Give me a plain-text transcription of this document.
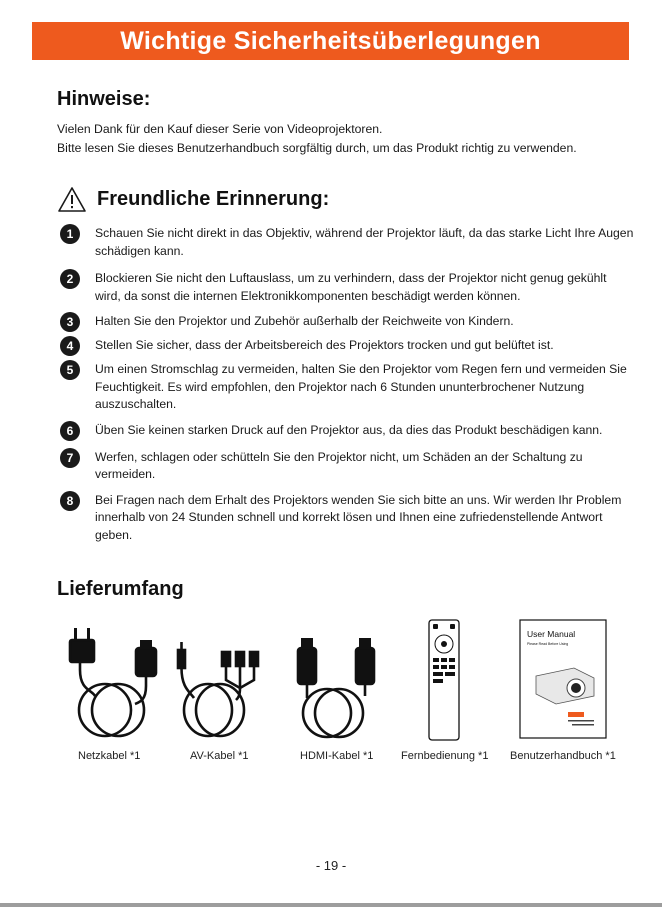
Wichtige Sicherheitsüberlegungen
Hinweise:
Vielen Dank für den Kauf dieser Serie von Videoprojektoren.
Bitte lesen Sie dieses Benutzerhandbuch sorgfältig durch, um das Produkt richtig zu verwenden.
Freundliche Erinnerung:
1	Schauen Sie nicht direkt in das Objektiv, während der Projektor läuft, da das starke Licht Ihre Augen schädigen kann.
2	Blockieren Sie nicht den Luftauslass, um zu verhindern, dass der Projektor nicht genug gekühlt wird, da sonst die internen Elektronikkomponenten beschädigt werden können.
3	Halten Sie den Projektor und Zubehör außerhalb der Reichweite von Kindern.
4	Stellen Sie sicher, dass der Arbeitsbereich des Projektors trocken und gut belüftet ist.
5	Um einen Stromschlag zu vermeiden, halten Sie den Projektor vom Regen fern und vermeiden Sie Feuchtigkeit. Es wird empfohlen, den Projektor nach 6 Stunden ununterbrochener Nutzung auszuschalten.
6	Üben Sie keinen starken Druck auf den Projektor aus, da dies das Produkt beschädigen kann.
7	Werfen, schlagen oder schütteln Sie den Projektor nicht, um Schäden an der Schaltung zu vermeiden.
8	Bei Fragen nach dem Erhalt des Projektors wenden Sie sich bitte an uns. Wir werden Ihr Problem innerhalb von 24 Stunden schnell und korrekt lösen und Ihnen eine zufriedenstellende Antwort geben.
Lieferumfang
User Manual
Please Read Before Using
Netzkabel *1	AV-Kabel *1	HDMI-Kabel *1	Fernbedienung *1 Benutzerhandbuch *1
- 19 -
